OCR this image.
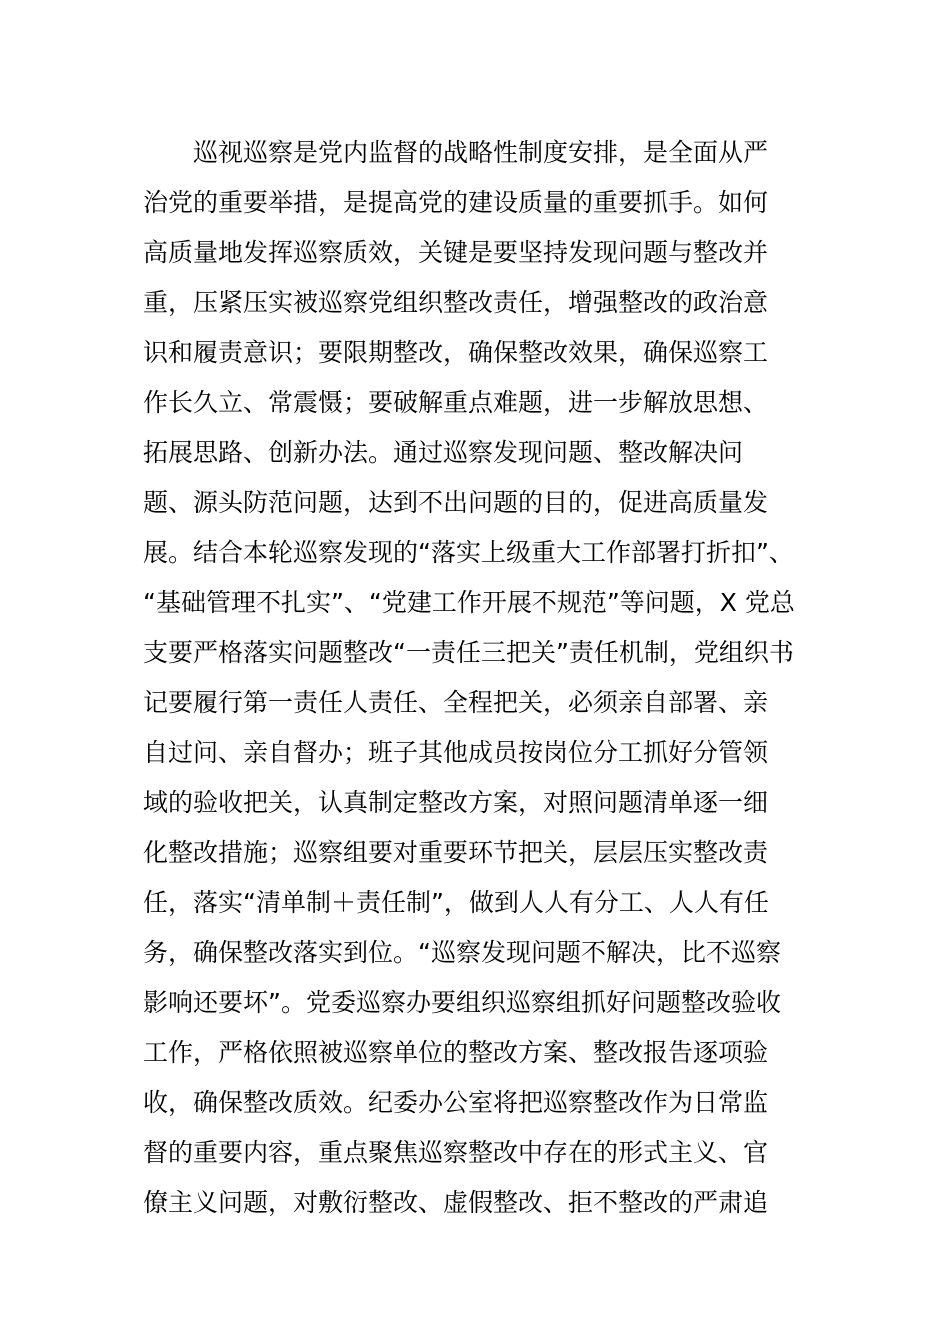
巡视巡察是党内监督的战略性制度安排，是全面从严
治党的重要举措，是提高党的建设质量的重要抓手。如何
高质量地发挥巡察质效，关键是要坚持发现问题与整改并
重，压紧压实被巡察党组织整改责任，增强整改的政治意
识和履责意识；要限期整改，确保整改效果，确保巡察工
作长久立、常震慑；要破解重点难题，进一步解放思想、
拓展思路、创新办法。通过巡察发现问题、整改解决问
题、源头防范问题，达到不出问题的目的，促进高质量发
展。结合本轮巡察发现的“落实上级重大工作部署打折扣”、
“基础管理不扎实”、“党建工作开展不规范”等问题，X 党总
支要严格落实问题整改“一责任三把关”责任机制，党组织书
记要履行第一责任人责任、全程把关，必须亲自部署、亲
自过问、亲自督办；班子其他成员按岗位分工抓好分管领
域的验收把关，认真制定整改方案，对照问题清单逐一细
化整改措施；巡察组要对重要环节把关，层层压实整改责
任，落实“清单制＋责任制”，做到人人有分工、人人有任
务，确保整改落实到位。“巡察发现问题不解决，比不巡察
影响还要坏”。党委巡察办要组织巡察组抓好问题整改验收
工作，严格依照被巡察单位的整改方案、整改报告逐项验
收，确保整改质效。纪委办公室将把巡察整改作为日常监
督的重要内容，重点聚焦巡察整改中存在的形式主义、官
僚主义问题，对敷衍整改、虚假整改、拒不整改的严肃追
